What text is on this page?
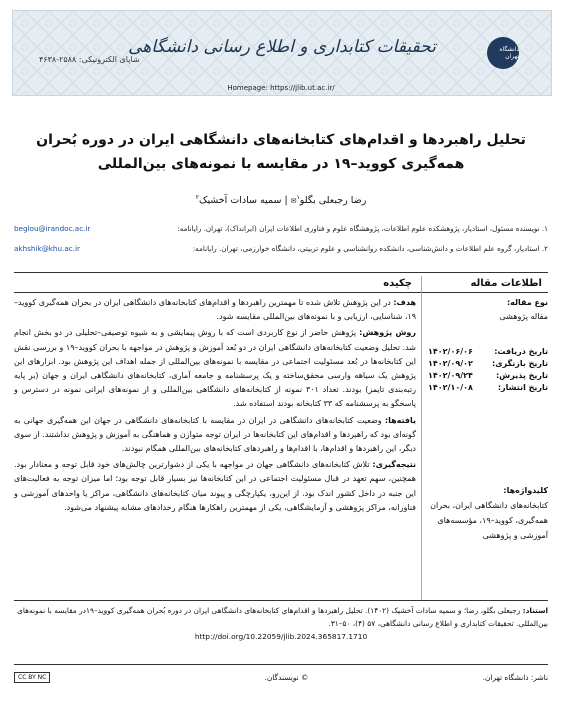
دانشگاه تهران
تحقیقات کتابداری و اطلاع رسانی دانشگاهی
شاپای الکترونیکی: ۲۵۸۸-۴۶۳۸
Homepage: https://jlib.ut.ac.ir/
تحلیل راهبردها و اقدام‌های کتابخانه‌های دانشگاهی ایران در دوره بُحران
همه‌گیری کووید–۱۹ در مقایسه با نمونه‌های بین‌المللی
رضا رجبعلی بگلو$^۱$✉ | سمیه سادات آخشیک$^۲$
۱. نویسنده مسئول، استادیار، پژوهشکده علوم اطلاعات، پژوهشگاه علوم و فناوری اطلاعات ایران (ایرانداک)، تهران. رایانامه:
beglou@irandoc.ac.ir
۲. استادیار، گروه علم اطلاعات و دانش‌شناسی، دانشکده روانشناسی و علوم تربیتی، دانشگاه خوارزمی، تهران. رایانامه:
akhshik@khu.ac.ir
اطلاعات مقاله
چکیده
نوع مقاله:
مقاله پژوهشی
تاریخ دریافت:
۱۴۰۲/۰۶/۰۶
تاریخ بازنگری:
۱۴۰۲/۰۹/۰۲
تاریخ پذیرش:
۱۴۰۲/۰۹/۲۴
تاریخ انتشار:
۱۴۰۲/۱۰/۰۸
کلیدواژه‌ها:
کتابخانه‌های دانشگاهی ایران، بحران همه‌گیری، کووید–۱۹، مؤسسه‌های آموزشی و پژوهشی

هدف: در این پژوهش تلاش شده تا مهمترین راهبردها و اقدام‌های کتابخانه‌های دانشگاهی ایران در بحران همه‌گیری کووید–۱۹، شناسایی، ارزیابی و با نمونه‌های بین‌المللی مقایسه شود.

روش پژوهش: پژوهش حاضر از نوع کاربردی است که با روش پیمایشی و به شیوه توصیفی–تحلیلی در دو بخش انجام شد. تحلیل وضعیت کتابخانه‌های دانشگاهی ایران در دو بُعد آموزش و پژوهش در مواجهه با بحران کووید–۱۹ و بررسی نقش این کتابخانه‌ها در بُعد مسئولیت اجتماعی در مقایسه با نمونه‌های بین‌المللی از جمله اهداف این پژوهش بود. ابزارهای این پژوهش یک سیاهه وارسی محقق‌ساخته و یک پرسشنامه و جامعه آماری، کتابخانه‌های دانشگاهی ایران و جهان (بر پایه رتبه‌بندی تایمز) بودند. تعداد ۳۰۱ نمونه از کتابخانه‌های دانشگاهی بین‌المللی و از نمونه‌های ایرانی نمونه در دسترس و پاسخگو به پرسشنامه که ۳۳ کتابخانه بودند استفاده شد.

یافته‌ها: وضعیت کتابخانه‌های دانشگاهی در ایران در مقایسه با کتابخانه‌های دانشگاهی در جهان این همه‌گیری جهانی به گونه‌ای بود که راهبردها و اقدام‌های این کتابخانه‌ها در ایران توجه متوازن و هماهنگی به آموزش و پژوهش نداشتند. از سوی دیگر، این راهبردها و اقدام‌ها، با اقدام‌ها و راهبردهای کتابخانه‌های بین‌المللی همگام نبودند.

نتیجه‌گیری: تلاش کتابخانه‌های دانشگاهی جهان در مواجهه با یکی از دشوارترین چالش‌های خود قابل توجه و معنادار بود. همچنین، سهم تعهد در قبال مسئولیت اجتماعی در این کتابخانه‌ها نیز بسیار قابل توجه بود؛ اما میزان توجه به فعالیت‌های این جنبه در داخل کشور اندک بود. از این‌رو، یکپارچگی و پیوند میان کتابخانه‌های دانشگاهی، مراکز یا واحدهای آموزشی و فناورانه، مراکز پژوهشی و آزمایشگاهی، یکی از مهمترین راهکارها هنگام رخدادهای مشابه پیشنهاد می‌شود.

استناد: رجبعلی بگلو، رضا؛ و سمیه سادات آخشیک (۱۴۰۲). تحلیل راهبردها و اقدام‌های کتابخانه‌های دانشگاهی ایران در دوره بُحران همه‌گیری کووید–۱۹در مقایسه با نمونه‌های بین‌المللی. تحقیقات کتابداری و اطلاع رسانی دانشگاهی، ۵۷ (۴)، ۵۰–۳۱.
http://doi.org/10.22059/jlib.2024.365817.1710
ناشر: دانشگاه تهران.
© نویسندگان.
CC BY NC
